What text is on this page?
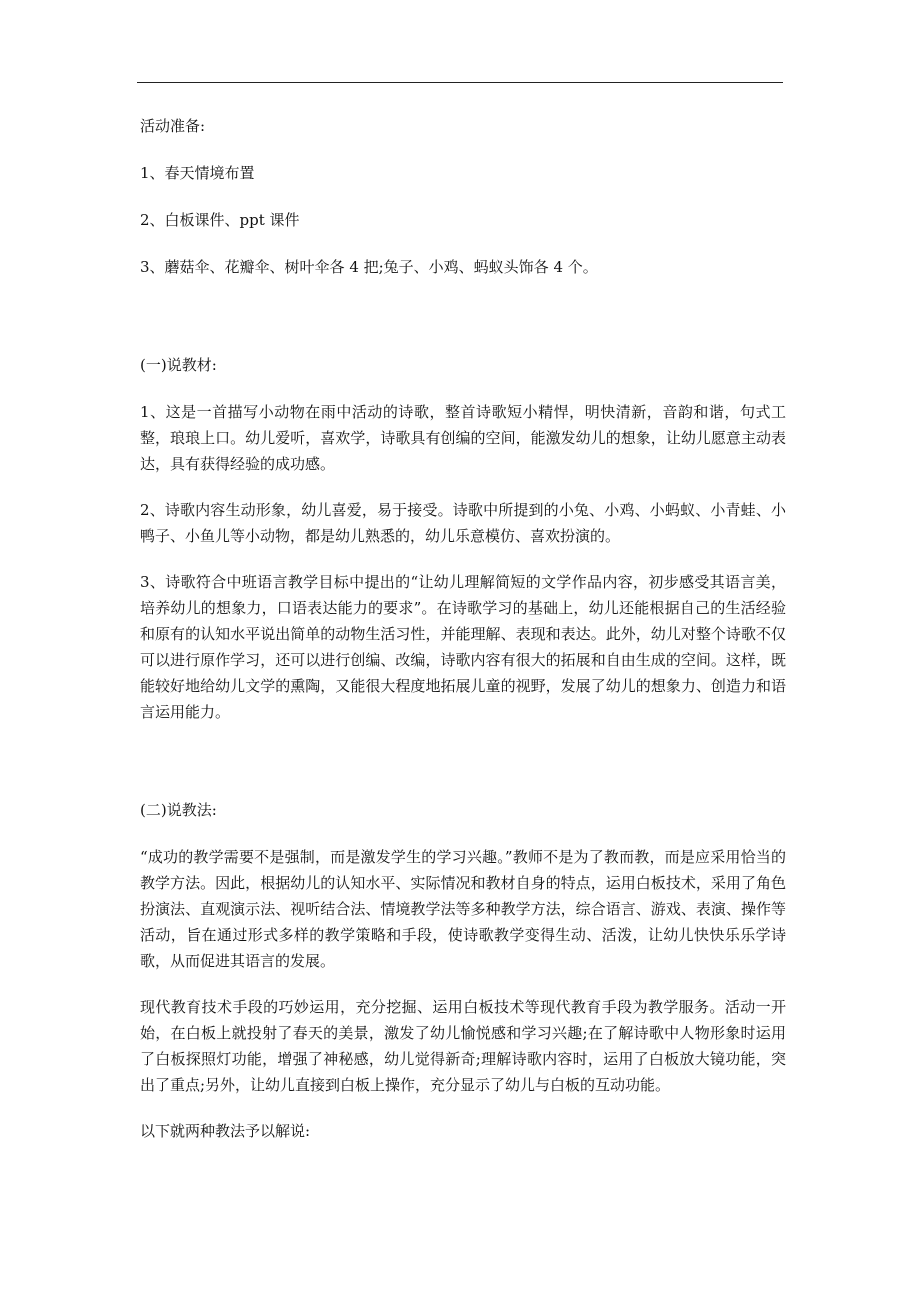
活动准备:

1、春天情境布置

2、白板课件、ppt 课件

3、蘑菇伞、花瓣伞、树叶伞各 4 把;兔子、小鸡、蚂蚁头饰各 4 个。

(一)说教材:

1、这是一首描写小动物在雨中活动的诗歌，整首诗歌短小精悍，明快清新，音韵和谐，句式工整，琅琅上口。幼儿爱听，喜欢学，诗歌具有创编的空间，能激发幼儿的想象，让幼儿愿意主动表达，具有获得经验的成功感。

2、诗歌内容生动形象，幼儿喜爱，易于接受。诗歌中所提到的小兔、小鸡、小蚂蚁、小青蛙、小鸭子、小鱼儿等小动物，都是幼儿熟悉的，幼儿乐意模仿、喜欢扮演的。

3、诗歌符合中班语言教学目标中提出的“让幼儿理解简短的文学作品内容，初步感受其语言美，培养幼儿的想象力，口语表达能力的要求”。在诗歌学习的基础上，幼儿还能根据自己的生活经验和原有的认知水平说出简单的动物生活习性，并能理解、表现和表达。此外，幼儿对整个诗歌不仅可以进行原作学习，还可以进行创编、改编，诗歌内容有很大的拓展和自由生成的空间。这样，既能较好地给幼儿文学的熏陶，又能很大程度地拓展儿童的视野，发展了幼儿的想象力、创造力和语言运用能力。

(二)说教法:

“成功的教学需要不是强制，而是激发学生的学习兴趣。”教师不是为了教而教，而是应采用恰当的教学方法。因此，根据幼儿的认知水平、实际情况和教材自身的特点，运用白板技术，采用了角色扮演法、直观演示法、视听结合法、情境教学法等多种教学方法，综合语言、游戏、表演、操作等活动，旨在通过形式多样的教学策略和手段，使诗歌教学变得生动、活泼，让幼儿快快乐乐学诗歌，从而促进其语言的发展。

现代教育技术手段的巧妙运用，充分挖掘、运用白板技术等现代教育手段为教学服务。活动一开始，在白板上就投射了春天的美景，激发了幼儿愉悦感和学习兴趣;在了解诗歌中人物形象时运用了白板探照灯功能，增强了神秘感，幼儿觉得新奇;理解诗歌内容时，运用了白板放大镜功能，突出了重点;另外，让幼儿直接到白板上操作，充分显示了幼儿与白板的互动功能。

以下就两种教法予以解说:
